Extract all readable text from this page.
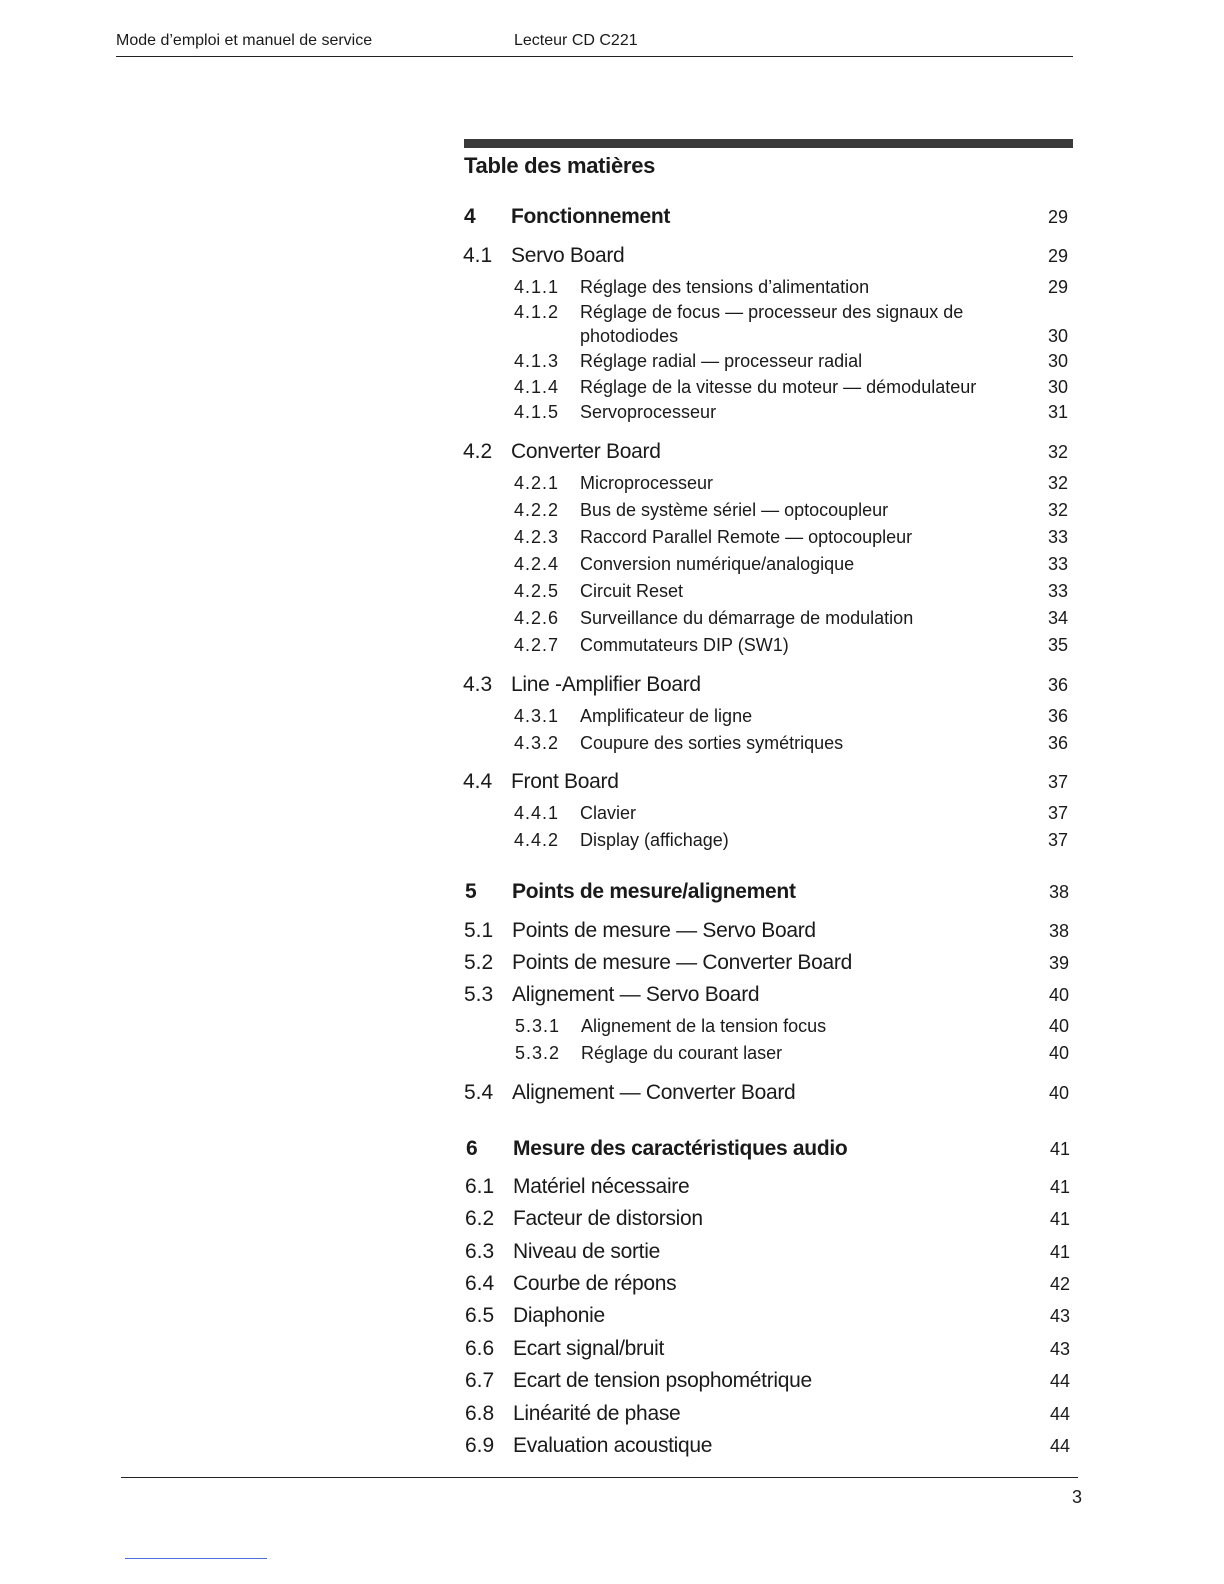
Mode d’emploi et manuel de service	Lecteur CD C221
Table des matières
4 Fonctionnement	29
4.1 Servo Board	29
4.1.1 Réglage des tensions d’alimentation	29
4.1.2 Réglage de focus — processeur des signaux de
photodiodes	30
4.1.3 Réglage radial — processeur radial	30
4.1.4 Réglage de la vitesse du moteur — démodulateur	30
4.1.5 Servoprocesseur	31
4.2 Converter Board	32
4.2.1 Microprocesseur	32
4.2.2 Bus de système sériel — optocoupleur	32
4.2.3 Raccord Parallel Remote — optocoupleur	33
4.2.4 Conversion numérique/analogique	33
4.2.5 Circuit Reset	33
4.2.6 Surveillance du démarrage de modulation	34
4.2.7 Commutateurs DIP (SW1)	35
4.3 Line -Amplifier Board	36
4.3.1 Amplificateur de ligne	36
4.3.2 Coupure des sorties symétriques	36
4.4 Front Board	37
4.4.1 Clavier	37
4.4.2 Display (affichage)	37
5 Points de mesure/alignement	38
5.1 Points de mesure — Servo Board	38
5.2 Points de mesure — Converter Board	39
5.3 Alignement — Servo Board	40
5.3.1 Alignement de la tension focus	40
5.3.2 Réglage du courant laser	40
5.4 Alignement — Converter Board	40
6 Mesure des caractéristiques audio	41
6.1 Matériel nécessaire	41
6.2 Facteur de distorsion	41
6.3 Niveau de sortie	41
6.4 Courbe de répons	42
6.5 Diaphonie	43
6.6 Ecart signal/bruit	43
6.7 Ecart de tension psophométrique	44
6.8 Linéarité de phase	44
6.9 Evaluation acoustique	44
3
